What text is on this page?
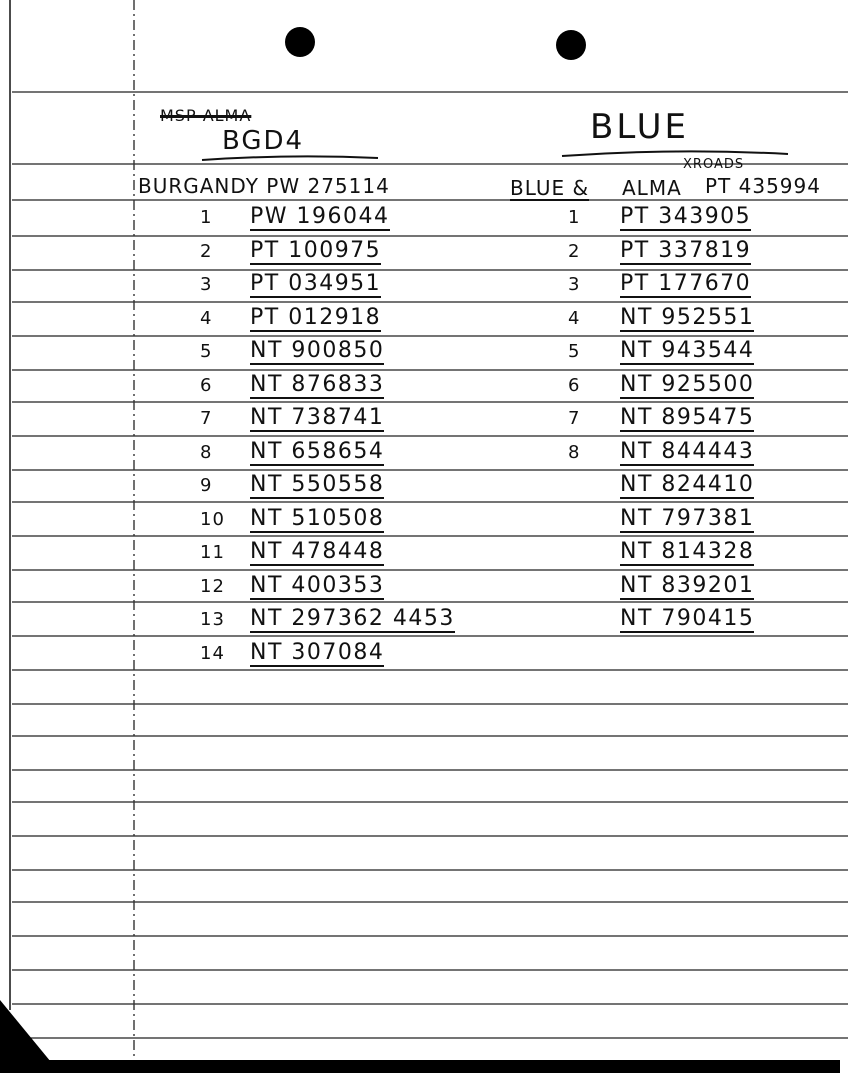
MSP ALMA
BGD4	BLUE
BURGANDY PW 275114	BLUE & ALMA
XROADS
PT 435994
1 PW 196044
2 PT 100975
3 PT 034951
4 PT 012918
5 NT 900850
6 NT 876833
7 NT 738741
8 NT 658654
9 NT 550558
10 NT 510508
11 NT 478448
12 NT 400353
13 NT 297362 4453
14 NT 307084
1 PT 343905
2 PT 337819
3 PT 177670
4 NT 952551
5 NT 943544
6 NT 925500
7 NT 895475
8 NT 844443
NT 824410
NT 797381
NT 814328
NT 839201
NT 790415
